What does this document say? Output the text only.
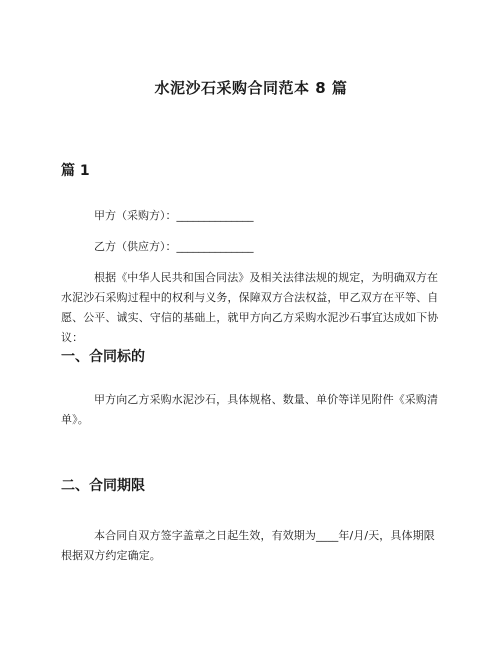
水泥沙石采购合同范本 8 篇
篇 1
甲方（采购方）：______________
乙方（供应方）：______________
根据《中华人民共和国合同法》及相关法律法规的规定，为明确双方在水泥沙石采购过程中的权利与义务，保障双方合法权益，甲乙双方在平等、自愿、公平、诚实、守信的基础上，就甲方向乙方采购水泥沙石事宜达成如下协议：
一、合同标的
甲方向乙方采购水泥沙石，具体规格、数量、单价等详见附件《采购清单》。
二、合同期限
本合同自双方签字盖章之日起生效，有效期为____年/月/天，具体期限根据双方约定确定。
